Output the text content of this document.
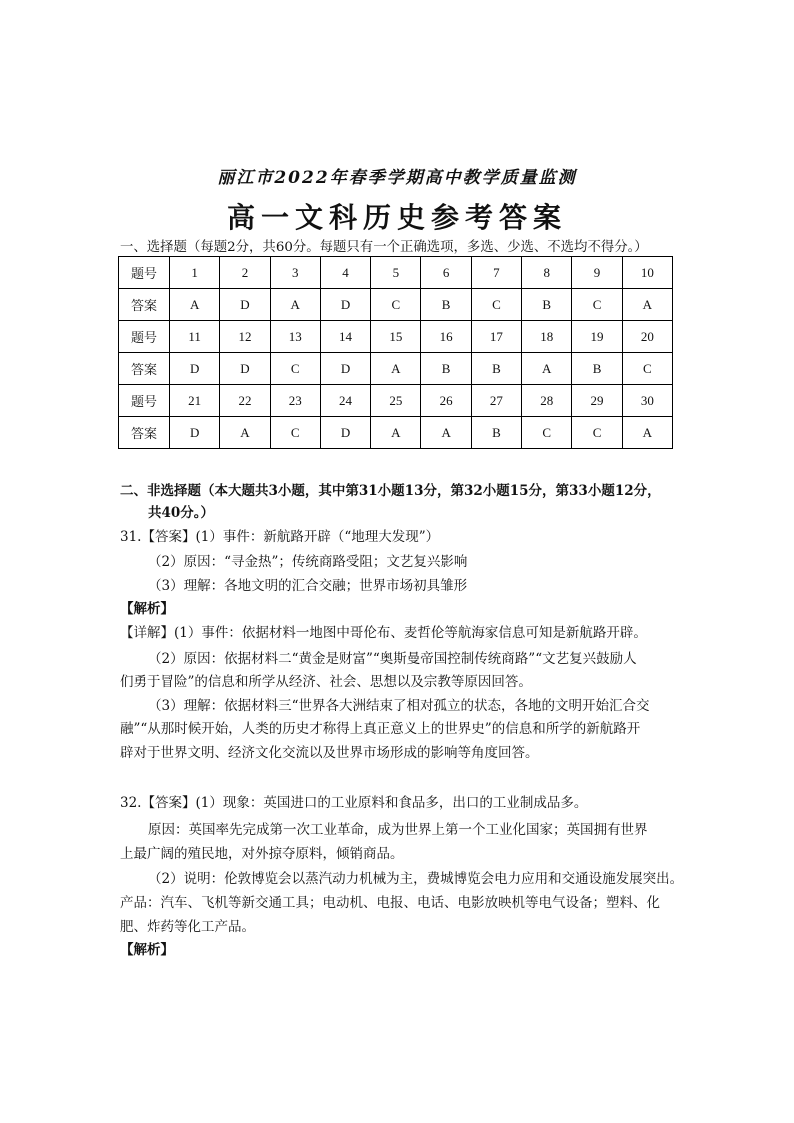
丽江市2022年春季学期高中教学质量监测
高一文科历史参考答案
一、选择题（每题2分，共60分。每题只有一个正确选项，多选、少选、不选均不得分。）
题号	1	2	3	4	5	6	7	8	9	10
答案	A	D	A	D	C	B	C	B	C	A
题号	11	12	13	14	15	16	17	18	19	20
答案	D	D	C	D	A	B	B	A	B	C
题号	21	22	23	24	25	26	27	28	29	30
答案	D	A	C	D	A	A	B	C	C	A
二、非选择题（本大题共3小题，其中第31小题13分，第32小题15分，第33小题12分，
共40分。）
31.【答案】(1）事件：新航路开辟（“地理大发现”）
（2）原因：“寻金热”；传统商路受阻；文艺复兴影响
（3）理解：各地文明的汇合交融；世界市场初具雏形
【解析】
【详解】(1）事件：依据材料一地图中哥伦布、麦哲伦等航海家信息可知是新航路开辟。
（2）原因：依据材料二“黄金是财富”“奥斯曼帝国控制传统商路”“文艺复兴鼓励人
们勇于冒险”的信息和所学从经济、社会、思想以及宗教等原因回答。
（3）理解：依据材料三“世界各大洲结束了相对孤立的状态，各地的文明开始汇合交
融”“从那时候开始，人类的历史才称得上真正意义上的世界史”的信息和所学的新航路开
辟对于世界文明、经济文化交流以及世界市场形成的影响等角度回答。
32.【答案】(1）现象：英国进口的工业原料和食品多，出口的工业制成品多。
原因：英国率先完成第一次工业革命，成为世界上第一个工业化国家；英国拥有世界
上最广阔的殖民地，对外掠夺原料，倾销商品。
（2）说明：伦敦博览会以蒸汽动力机械为主，费城博览会电力应用和交通设施发展突出。
产品：汽车、飞机等新交通工具；电动机、电报、电话、电影放映机等电气设备；塑料、化
肥、炸药等化工产品。
【解析】
